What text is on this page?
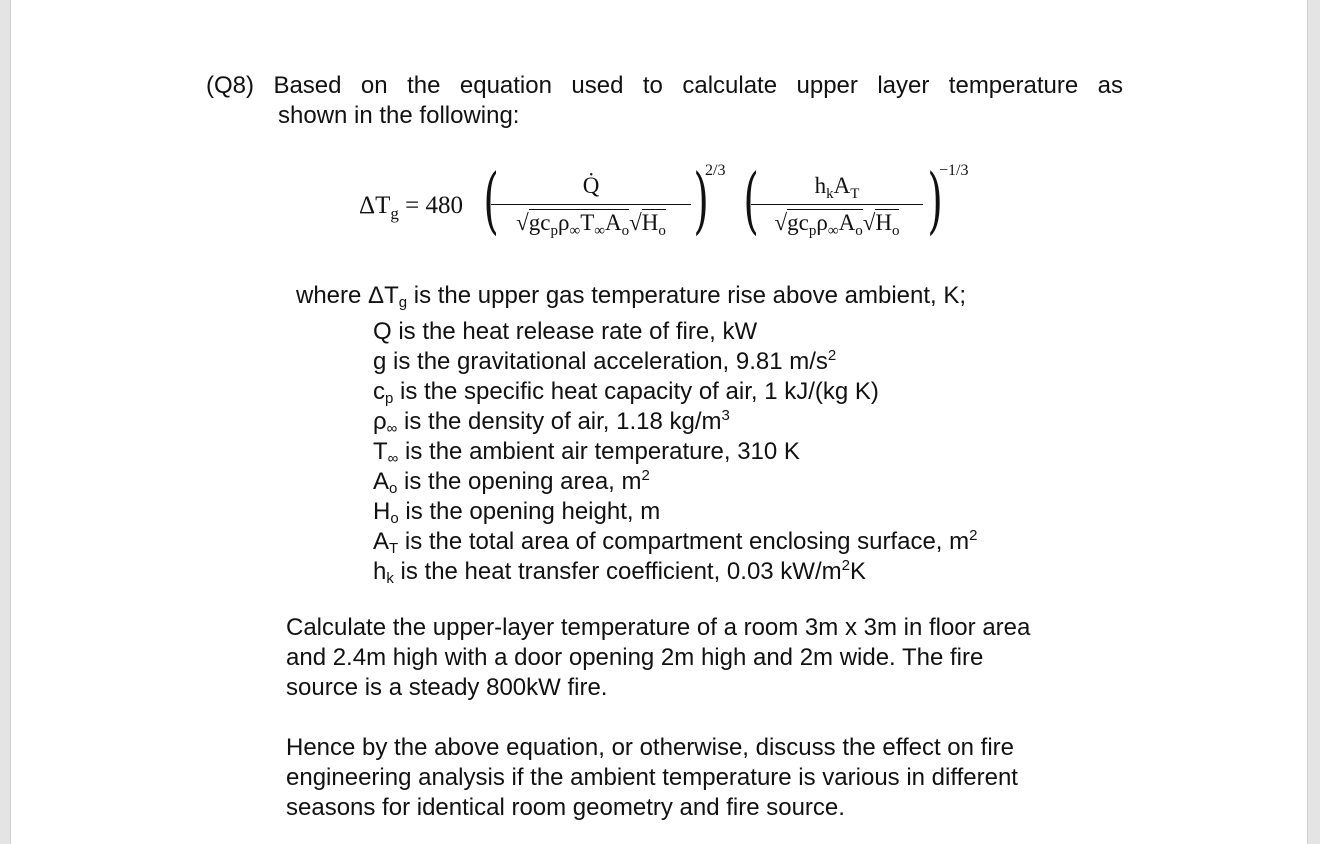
(Q8) Based on the equation used to calculate upper layer temperature as

shown in the following:

$\Delta T_g = 480$ (	Q̇
$√gc_p\rho_\infty T_\infty A_o√H_o$ )
2/3 (	$h_kA_T$
$√gc_p\rho_\infty A_o√H_o$ )
−1/3

where ΔTg is the upper gas temperature rise above ambient, K;

Q is the heat release rate of fire, kW

g is the gravitational acceleration, 9.81 $m/s^2$

cp is the specific heat capacity of air, 1 kJ/(kg K)

ρ∞ is the density of air, 1.18 $kg/m^3$

T∞ is the ambient air temperature, 310 K

Ao is the opening area, $m^2$

Ho is the opening height, m

AT is the total area of compartment enclosing surface, $m^2$

hk is the heat transfer coefficient, 0.03 $kW/m^2K$

Calculate the upper-layer temperature of a room 3m x 3m in floor area
and 2.4m high with a door opening 2m high and 2m wide. The fire
source is a steady 800kW fire.
Hence by the above equation, or otherwise, discuss the effect on fire
engineering analysis if the ambient temperature is various in different
seasons for identical room geometry and fire source.
